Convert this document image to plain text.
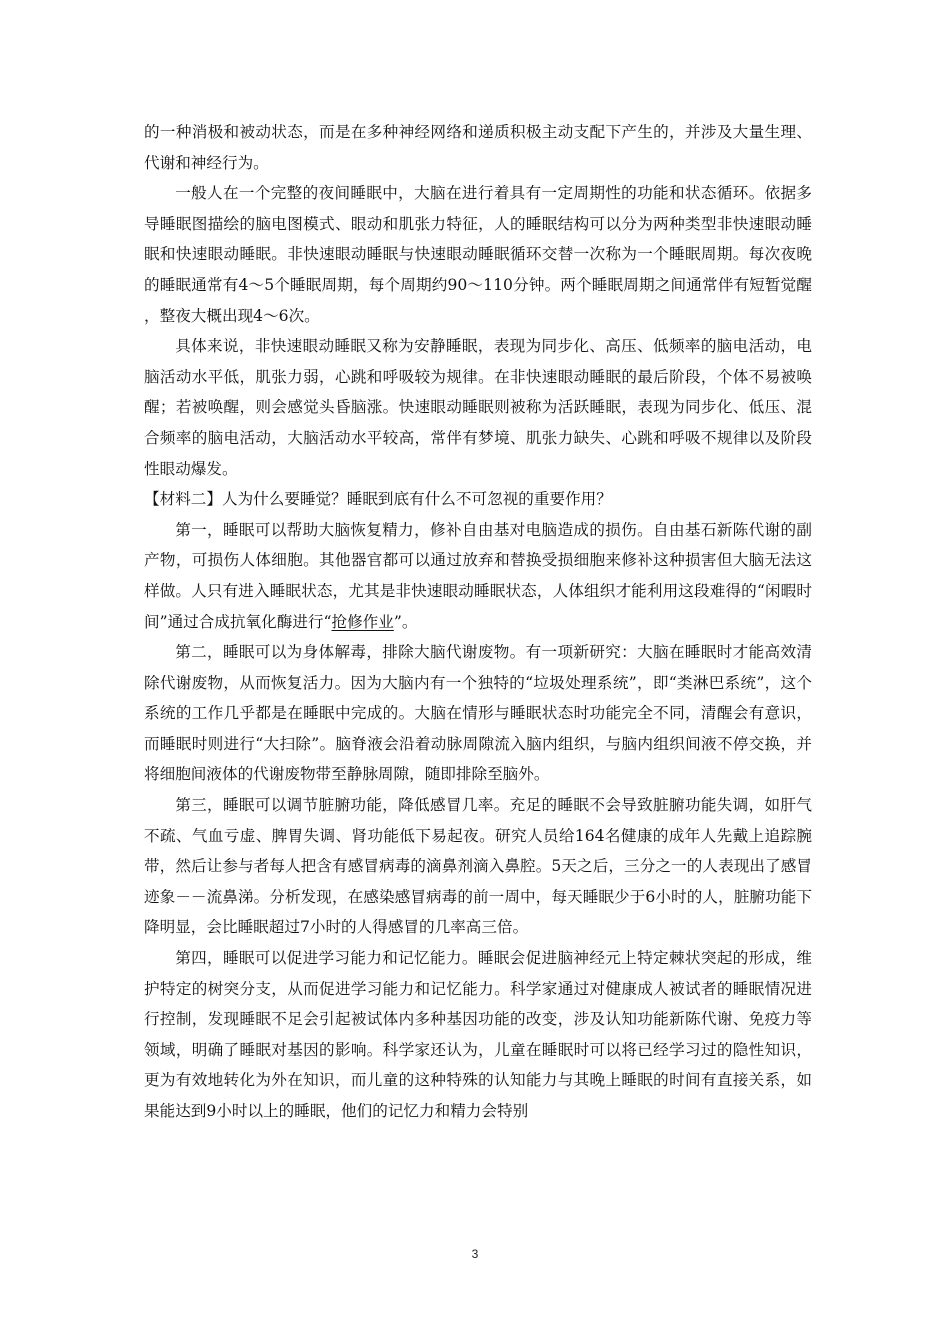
的一种消极和被动状态，而是在多种神经网络和递质积极主动支配下产生的，并涉及大量生理、代谢和神经行为。

一般人在一个完整的夜间睡眠中，大脑在进行着具有一定周期性的功能和状态循环。依据多导睡眠图描绘的脑电图模式、眼动和肌张力特征，人的睡眠结构可以分为两种类型非快速眼动睡眠和快速眼动睡眠。非快速眼动睡眠与快速眼动睡眠循环交替一次称为一个睡眠周期。每次夜晚的睡眠通常有4～5个睡眠周期，每个周期约90～110分钟。两个睡眠周期之间通常伴有短暂觉醒，整夜大概出现4～6次。

具体来说，非快速眼动睡眠又称为安静睡眠，表现为同步化、高压、低频率的脑电活动，电脑活动水平低，肌张力弱，心跳和呼吸较为规律。在非快速眼动睡眠的最后阶段，个体不易被唤醒；若被唤醒，则会感觉头昏脑涨。快速眼动睡眠则被称为活跃睡眠，表现为同步化、低压、混合频率的脑电活动，大脑活动水平较高，常伴有梦境、肌张力缺失、心跳和呼吸不规律以及阶段性眼动爆发。

【材料二】人为什么要睡觉？睡眠到底有什么不可忽视的重要作用？

第一，睡眠可以帮助大脑恢复精力，修补自由基对电脑造成的损伤。自由基石新陈代谢的副产物，可损伤人体细胞。其他器官都可以通过放弃和替换受损细胞来修补这种损害但大脑无法这样做。人只有进入睡眠状态，尤其是非快速眼动睡眠状态，人体组织才能利用这段难得的“闲暇时间”通过合成抗氧化酶进行“抢修作业”。

第二，睡眠可以为身体解毒，排除大脑代谢废物。有一项新研究：大脑在睡眠时才能高效清除代谢废物，从而恢复活力。因为大脑内有一个独特的“垃圾处理系统”，即“类淋巴系统”，这个系统的工作几乎都是在睡眠中完成的。大脑在情形与睡眠状态时功能完全不同，清醒会有意识，而睡眠时则进行“大扫除”。脑脊液会沿着动脉周隙流入脑内组织，与脑内组织间液不停交换，并将细胞间液体的代谢废物带至静脉周隙，随即排除至脑外。

第三，睡眠可以调节脏腑功能，降低感冒几率。充足的睡眠不会导致脏腑功能失调，如肝气不疏、气血亏虚、脾胃失调、肾功能低下易起夜。研究人员给164名健康的成年人先戴上追踪腕带，然后让参与者每人把含有感冒病毒的滴鼻剂滴入鼻腔。5天之后，三分之一的人表现出了感冒迹象－－流鼻涕。分析发现，在感染感冒病毒的前一周中，每天睡眠少于6小时的人，脏腑功能下降明显，会比睡眠超过7小时的人得感冒的几率高三倍。

第四，睡眠可以促进学习能力和记忆能力。睡眠会促进脑神经元上特定棘状突起的形成，维护特定的树突分支，从而促进学习能力和记忆能力。科学家通过对健康成人被试者的睡眠情况进行控制，发现睡眠不足会引起被试体内多种基因功能的改变，涉及认知功能新陈代谢、免疫力等领域，明确了睡眠对基因的影响。科学家还认为，儿童在睡眠时可以将已经学习过的隐性知识，更为有效地转化为外在知识，而儿童的这种特殊的认知能力与其晚上睡眠的时间有直接关系，如果能达到9小时以上的睡眠，他们的记忆力和精力会特别

3
